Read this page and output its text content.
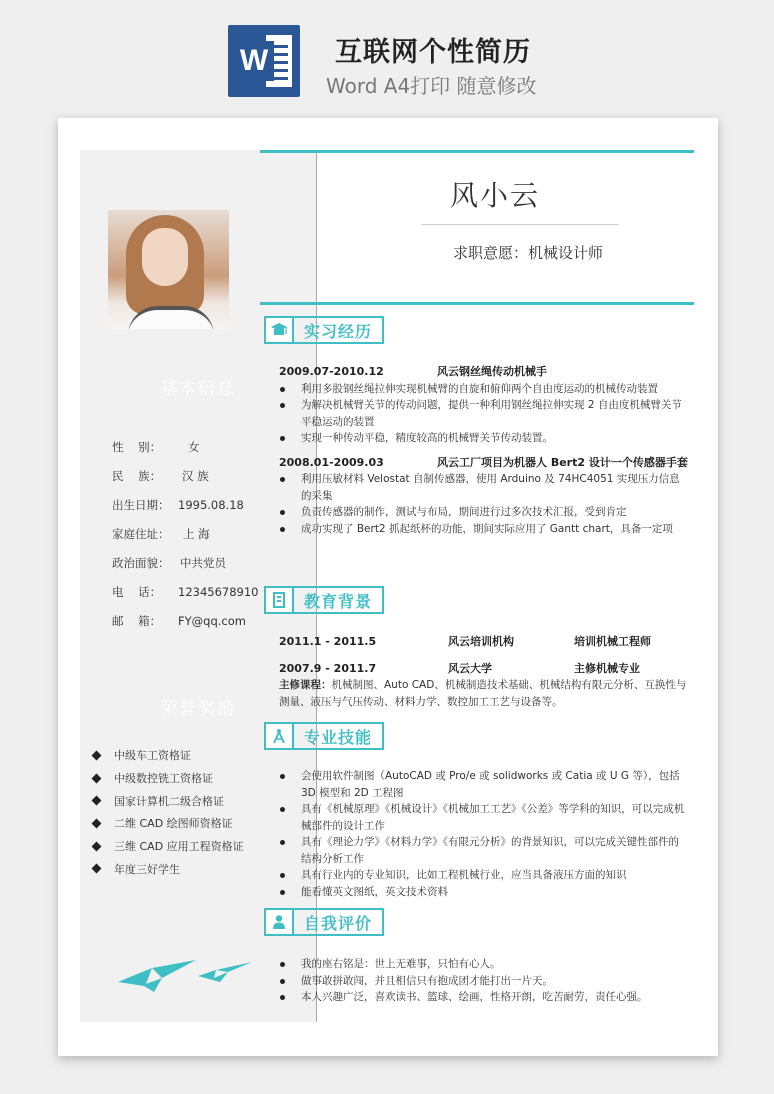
W 互联网个性简历
Word A4打印 随意修改
基本信息
性    别：	女
民    族：	汉 族
出生日期： 1995.08.18
家庭住址：	上 海
政治面貌： 中共党员
电    话：	12345678910
邮    箱：	FY@qq.com
荣誉奖励
中级车工资格证
中级数控铣工资格证
国家计算机二级合格证
二维 CAD 绘图师资格证
三维 CAD 应用工程资格证
年度三好学生
风小云
求职意愿：机械设计师
实习经历
2009.07-2010.12	风云钢丝绳传动机械手
利用多股钢丝绳拉伸实现机械臂的自旋和俯仰两个自由度运动的机械传动装置
为解决机械臂关节的传动问题，提供一种利用钢丝绳拉伸实现 2 自由度机械臂关节平稳运动的装置
实现一种传动平稳，精度较高的机械臂关节传动装置。
2008.01-2009.03	风云工厂项目为机器人 Bert2 设计一个传感器手套
利用压敏材料 Velostat 自制传感器，使用 Arduino 及 74HC4051 实现压力信息的采集
负责传感器的制作，测试与布局，期间进行过多次技术汇报，受到肯定
成功实现了 Bert2 抓起纸杯的功能，期间实际应用了 Gantt chart，具备一定项
教育背景
2011.1 - 2011.5	风云培训机构	培训机械工程师
2007.9 - 2011.7	风云大学	主修机械专业
主修课程：机械制图、Auto CAD、机械制造技术基础、机械结构有限元分析、互换性与测量、液压与气压传动、材料力学、数控加工工艺与设备等。
专业技能
会使用软件制图（AutoCAD 或 Pro/e 或 solidworks 或 Catia 或 U G 等），包括 3D 模型和 2D 工程图
具有《机械原理》《机械设计》《机械加工工艺》《公差》等学科的知识，可以完成机械部件的设计工作
具有《理论力学》《材料力学》《有限元分析》的背景知识，可以完成关键性部件的结构分析工作
具有行业内的专业知识，比如工程机械行业，应当具备液压方面的知识
能看懂英文图纸，英文技术资料
自我评价
我的座右铭是：世上无难事，只怕有心人。
做事敢拼敢闯，并且相信只有抱成团才能打出一片天。
本人兴趣广泛，喜欢读书、篮球、绘画，性格开朗，吃苦耐劳，责任心强。
